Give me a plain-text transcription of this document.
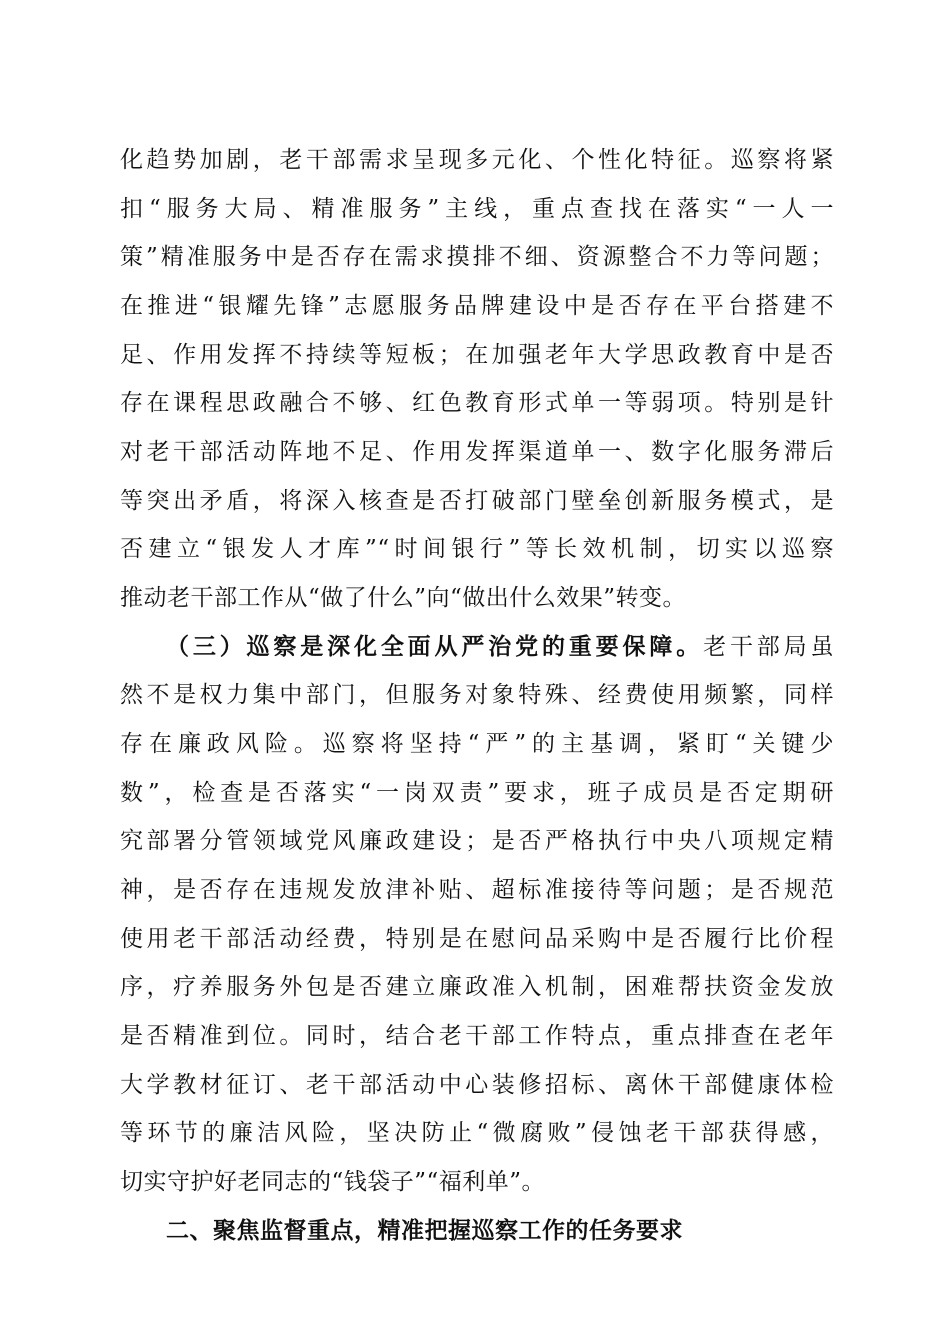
化趋势加剧，老干部需求呈现多元化、个性化特征。巡察将紧
扣“服务大局、精准服务”主线，重点查找在落实“一人一
策”精准服务中是否存在需求摸排不细、资源整合不力等问题；
在推进“银耀先锋”志愿服务品牌建设中是否存在平台搭建不
足、作用发挥不持续等短板；在加强老年大学思政教育中是否
存在课程思政融合不够、红色教育形式单一等弱项。特别是针
对老干部活动阵地不足、作用发挥渠道单一、数字化服务滞后
等突出矛盾，将深入核查是否打破部门壁垒创新服务模式，是
否建立“银发人才库”“时间银行”等长效机制，切实以巡察
推动老干部工作从“做了什么”向“做出什么效果”转变。
（三）巡察是深化全面从严治党的重要保障。老干部局虽
然不是权力集中部门，但服务对象特殊、经费使用频繁，同样
存在廉政风险。巡察将坚持“严”的主基调，紧盯“关键少
数”，检查是否落实“一岗双责”要求，班子成员是否定期研
究部署分管领域党风廉政建设；是否严格执行中央八项规定精
神，是否存在违规发放津补贴、超标准接待等问题；是否规范
使用老干部活动经费，特别是在慰问品采购中是否履行比价程
序，疗养服务外包是否建立廉政准入机制，困难帮扶资金发放
是否精准到位。同时，结合老干部工作特点，重点排查在老年
大学教材征订、老干部活动中心装修招标、离休干部健康体检
等环节的廉洁风险，坚决防止“微腐败”侵蚀老干部获得感，
切实守护好老同志的“钱袋子”“福利单”。
二、聚焦监督重点，精准把握巡察工作的任务要求
